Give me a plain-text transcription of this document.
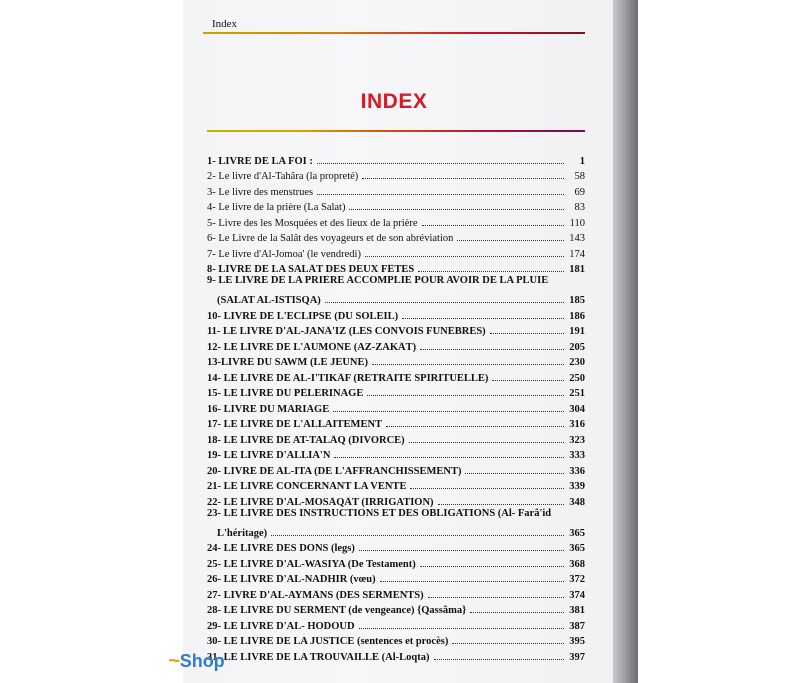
Index
INDEX
1- LIVRE DE LA FOI :	1
2- Le livre d'Al-Tahâra (la propreté)	58
3- Le livre des menstrues	69
4- Le livre de la prière (La Salat)	83
5- Livre des les Mosquées et des lieux de la prière	110
6- Le Livre de la Salât des voyageurs et de son abréviation	143
7- Le livre d'Al-Jomoa' (le vendredi)	174
8- LIVRE DE LA SALÂT DES DEUX FÊTES	181
9- LE LIVRE DE LA PRIÈRE ACCOMPLIE POUR AVOIR DE LA PLUIE
(SALAT AL-ISTISQA)	185
10- LIVRE DE L'ECLIPSE (DU SOLEIL)	186
11- LE LIVRE D'AL-JANÂ'IZ (LES CONVOIS FUNÈBRES)	191
12- LE LIVRE DE L'AUMÔNE (AZ-ZAKÂT)	205
13-LIVRE DU SAWM (LE JEÛNE)	230
14- LE LIVRE DE AL-I'TIKÂF (RETRAITE SPIRITUELLE)	250
15- LE LIVRE DU PÈLERINAGE	251
16- LIVRE DU MARIAGE	304
17- LE LIVRE DE L'ALLAITEMENT	316
18- LE LIVRE DE AT-TALÂQ (DIVORCE)	323
19- LE LIVRE D'ALLIA'N	333
20- LIVRE DE AL-ITA (DE L'AFFRANCHISSEMENT)	336
21- LE LIVRE CONCERNANT LA VENTE	339
22- LE LIVRE D'AL-MOSÂQÂT (IRRIGATION)	348
23- LE LIVRE DES INSTRUCTIONS ET DES OBLIGATIONS (Al- Farâ'id
L'héritage)	365
24- LE LIVRE DES DONS (legs)	365
25- LE LIVRE D'AL-WASIYA (De Testament)	368
26- LE LIVRE D'AL-NADHIR (vœu)	372
27- LIVRE D'AL-AYMÂNS (DES SERMENTS)	374
28- LE LIVRE DU SERMENT (de vengeance) {Qassâma}	381
29- LE LIVRE D'AL- HODOUD	387
30- LE LIVRE DE LA JUSTICE (sentences et procès)	395
31- LE LIVRE DE LA TROUVAILLE (Al-Loqta)	397
~Shop
